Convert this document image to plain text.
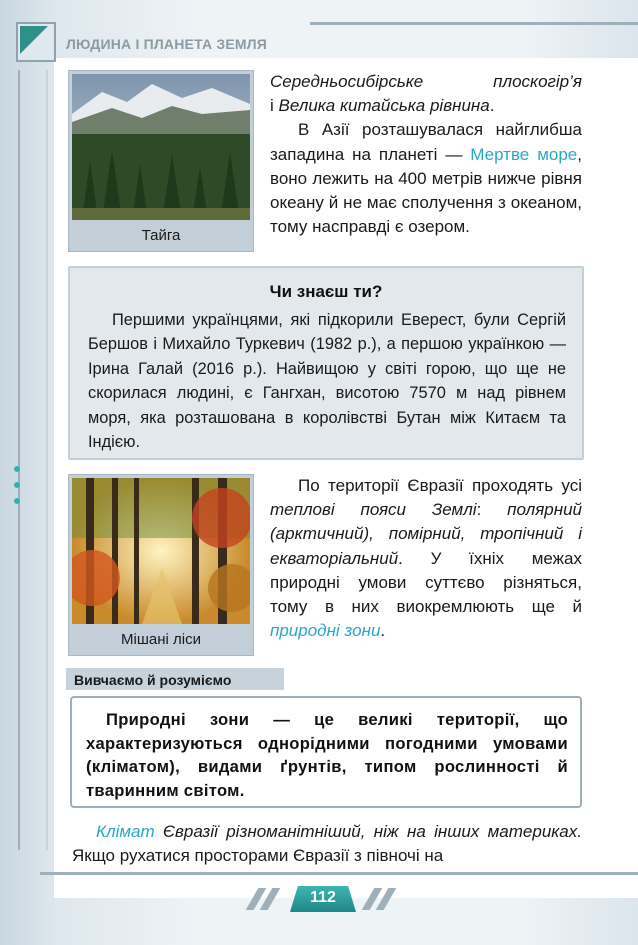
ЛЮДИНА І ПЛАНЕТА ЗЕМЛЯ
Тайга
Середньосибірське плоскогір’я
і Велика китайська рівнина.
В Азії розташувалася найглибша западина на планеті — Мертве море, воно лежить на 400 метрів нижче рівня океану й не має сполучення з океаном, тому насправді є озером.
Чи знаєш ти?
Першими українцями, які підкорили Еверест, були Сергій Бершов і Михайло Туркевич (1982 р.), а першою українкою — Ірина Галай (2016 р.). Найвищою у світі горою, що ще не скорилася людині, є Гангхан, висотою 7570 м над рівнем моря, яка розташована в королівстві Бутан між Китаєм та Індією.
Мішані ліси
По території Євразії проходять усі теплові пояси Землі: полярний (арктичний), помірний, тропічний і екваторіальний. У їхніх межах природні умови суттєво різняться, тому в них виокремлюють ще й природні зони.
Вивчаємо й розуміємо
Природні зони — це великі території, що характеризуються однорідними погодними умовами (кліматом), видами ґрунтів, типом рослинності й тваринним світом.
Клімат Євразії різноманітніший, ніж на інших материках. Якщо рухатися просторами Євразії з півночі на
112
